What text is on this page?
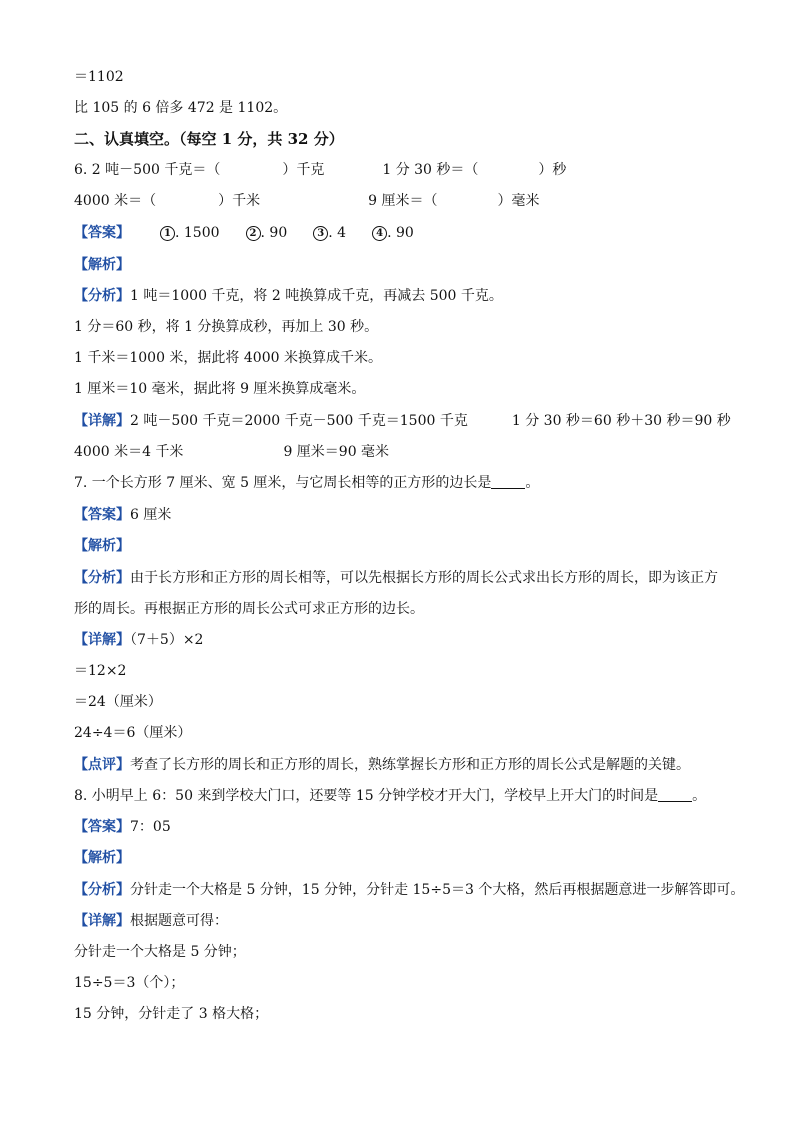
＝1102
比 105 的 6 倍多 472 是 1102。
二、认真填空。（每空 1 分，共 32 分）
6. 2 吨－500 千克＝（	）千克	1 分 30 秒＝（	）秒
4000 米＝（	）千米	9 厘米＝（	）毫米
【答案】	1 . 1500	2 . 90	3 . 4	4 . 90
【解析】
【分析】1 吨＝1000 千克，将 2 吨换算成千克，再减去 500 千克。
1 分＝60 秒，将 1 分换算成秒，再加上 30 秒。
1 千米＝1000 米，据此将 4000 米换算成千米。
1 厘米＝10 毫米，据此将 9 厘米换算成毫米。
【详解】2 吨－500 千克＝2000 千克－500 千克＝1500 千克	1 分 30 秒＝60 秒＋30 秒＝90 秒
4000 米＝4 千米	9 厘米＝90 毫米
7. 一个长方形 7 厘米、宽 5 厘米，与它周长相等的正方形的边长是 。
【答案】6 厘米
【解析】
【分析】由于长方形和正方形的周长相等，可以先根据长方形的周长公式求出长方形的周长，即为该正方
形的周长。再根据正方形的周长公式可求正方形的边长。
【详解】（7＋5）×2
＝12×2
＝24（厘米）
24÷4＝6（厘米）
【点评】考查了长方形的周长和正方形的周长，熟练掌握长方形和正方形的周长公式是解题的关键。
8. 小明早上 6：50 来到学校大门口，还要等 15 分钟学校才开大门，学校早上开大门的时间是 。
【答案】7：05
【解析】
【分析】分针走一个大格是 5 分钟，15 分钟，分针走 15÷5＝3 个大格，然后再根据题意进一步解答即可。
【详解】根据题意可得：
分针走一个大格是 5 分钟；
15÷5＝3（个）；
15 分钟，分针走了 3 格大格；
